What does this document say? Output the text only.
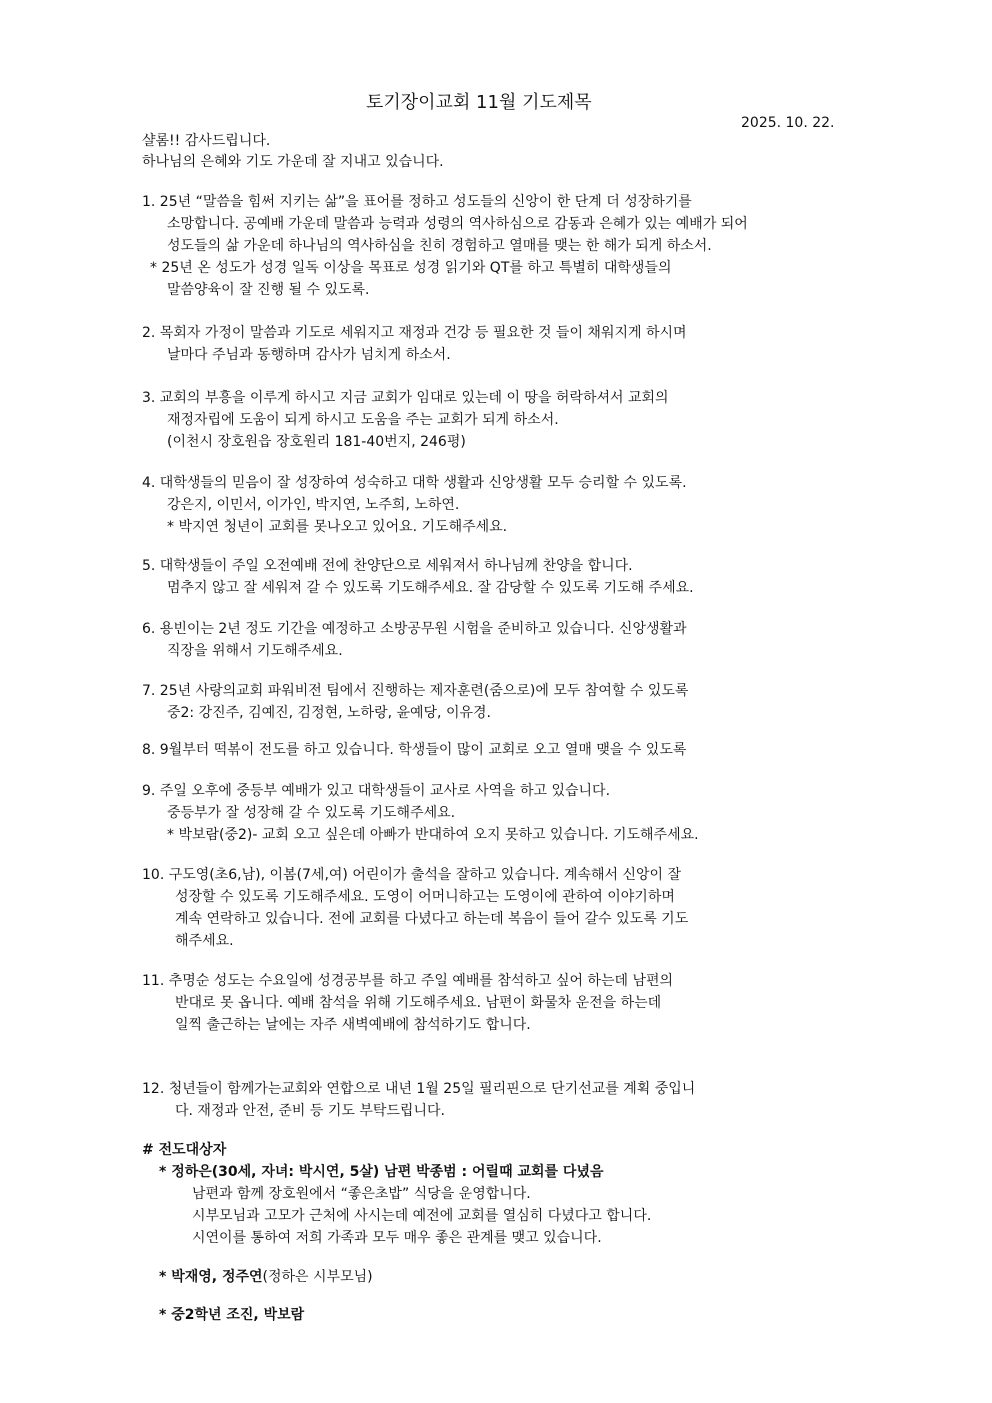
토기장이교회 11월 기도제목
2025. 10. 22.
샬롬!! 감사드립니다.
하나님의 은혜와 기도 가운데 잘 지내고 있습니다.
1. 25년 “말씀을 힘써 지키는 삶”을 표어를 정하고 성도들의 신앙이 한 단계 더 성장하기를
소망합니다. 공예배 가운데 말씀과 능력과 성령의 역사하심으로 감동과 은혜가 있는 예배가 되어
성도들의 삶 가운데 하나님의 역사하심을 친히 경험하고 열매를 맺는 한 해가 되게 하소서.
* 25년 온 성도가 성경 일독 이상을 목표로 성경 읽기와 QT를 하고 특별히 대학생들의
말씀양육이 잘 진행 될 수 있도록.
2. 목회자 가정이 말씀과 기도로 세워지고 재정과 건강 등 필요한 것 들이 채워지게 하시며
날마다 주님과 동행하며 감사가 넘치게 하소서.
3. 교회의 부흥을 이루게 하시고 지금 교회가 임대로 있는데 이 땅을 허락하셔서 교회의
재정자립에 도움이 되게 하시고 도움을 주는 교회가 되게 하소서.
(이천시 장호원읍 장호원리 181-40번지, 246평)
4. 대학생들의 믿음이 잘 성장하여 성숙하고 대학 생활과 신앙생활 모두 승리할 수 있도록.
강은지, 이민서, 이가인, 박지연, 노주희, 노하연.
* 박지연 청년이 교회를 못나오고 있어요. 기도해주세요.
5. 대학생들이 주일 오전예배 전에 찬양단으로 세워져서 하나님께 찬양을 합니다.
멈추지 않고 잘 세워져 갈 수 있도록 기도해주세요. 잘 감당할 수 있도록 기도해 주세요.
6. 용빈이는 2년 정도 기간을 예정하고 소방공무원 시험을 준비하고 있습니다. 신앙생활과
직장을 위해서 기도해주세요.
7. 25년 사랑의교회 파워비전 팀에서 진행하는 제자훈련(줌으로)에 모두 참여할 수 있도록
중2: 강진주, 김예진, 김정현, 노하랑, 윤예당, 이유경.
8. 9월부터 떡볶이 전도를 하고 있습니다. 학생들이 많이 교회로 오고 열매 맺을 수 있도록
9. 주일 오후에 중등부 예배가 있고 대학생들이 교사로 사역을 하고 있습니다.
중등부가 잘 성장해 갈 수 있도록 기도해주세요.
* 박보람(중2)- 교회 오고 싶은데 아빠가 반대하여 오지 못하고 있습니다. 기도해주세요.
10. 구도영(초6,남), 이봄(7세,여) 어린이가 출석을 잘하고 있습니다. 계속해서 신앙이 잘
성장할 수 있도록 기도해주세요. 도영이 어머니하고는 도영이에 관하여 이야기하며
계속 연락하고 있습니다. 전에 교회를 다녔다고 하는데 복음이 들어 갈수 있도록 기도
해주세요.
11. 추명순 성도는 수요일에 성경공부를 하고 주일 예배를 참석하고 싶어 하는데 남편의
반대로 못 옵니다. 예배 참석을 위해 기도해주세요. 남편이 화물차 운전을 하는데
일찍 출근하는 날에는 자주 새벽예배에 참석하기도 합니다.
12. 청년들이 함께가는교회와 연합으로 내년 1월 25일 필리핀으로 단기선교를 계획 중입니
다. 재정과 안전, 준비 등 기도 부탁드립니다.
# 전도대상자
* 정하은(30세, 자녀: 박시연, 5살) 남편 박종범 : 어릴때 교회를 다녔음
남편과 함께 장호원에서 “좋은초밥” 식당을 운영합니다.
시부모님과 고모가 근처에 사시는데 예전에 교회를 열심히 다녔다고 합니다.
시연이를 통하여 저희 가족과 모두 매우 좋은 관계를 맺고 있습니다.
* 박재영, 정주연(정하은 시부모님)
* 중2학년 조진, 박보람
